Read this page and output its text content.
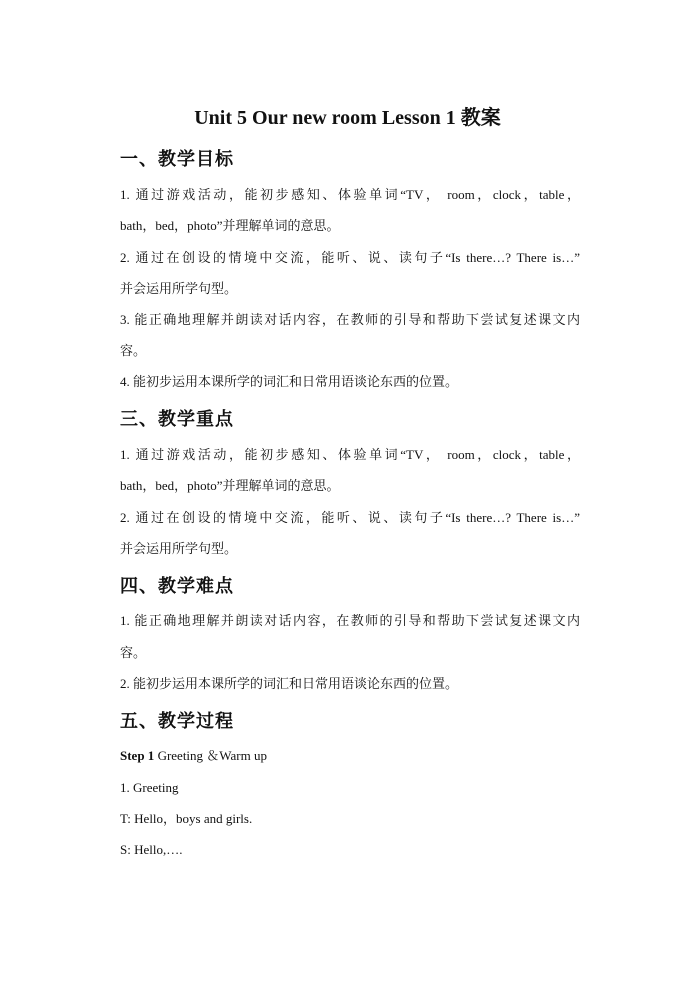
Unit 5 Our new room Lesson 1 教案
一、教学目标
1. 通过游戏活动，能初步感知、体验单词“TV， room，clock，table，
bath，bed，photo”并理解单词的意思。
2. 通过在创设的情境中交流，能听、说、读句子“Is there…? There is…”
并会运用所学句型。
3. 能正确地理解并朗读对话内容，在教师的引导和帮助下尝试复述课文内
容。
4. 能初步运用本课所学的词汇和日常用语谈论东西的位置。
三、教学重点
1. 通过游戏活动，能初步感知、体验单词“TV， room，clock，table，
bath，bed，photo”并理解单词的意思。
2. 通过在创设的情境中交流，能听、说、读句子“Is there…? There is…”
并会运用所学句型。
四、教学难点
1. 能正确地理解并朗读对话内容，在教师的引导和帮助下尝试复述课文内
容。
2. 能初步运用本课所学的词汇和日常用语谈论东西的位置。
五、教学过程
Step 1 Greeting ＆Warm up
1. Greeting
T: Hello，boys and girls.
S: Hello,….
